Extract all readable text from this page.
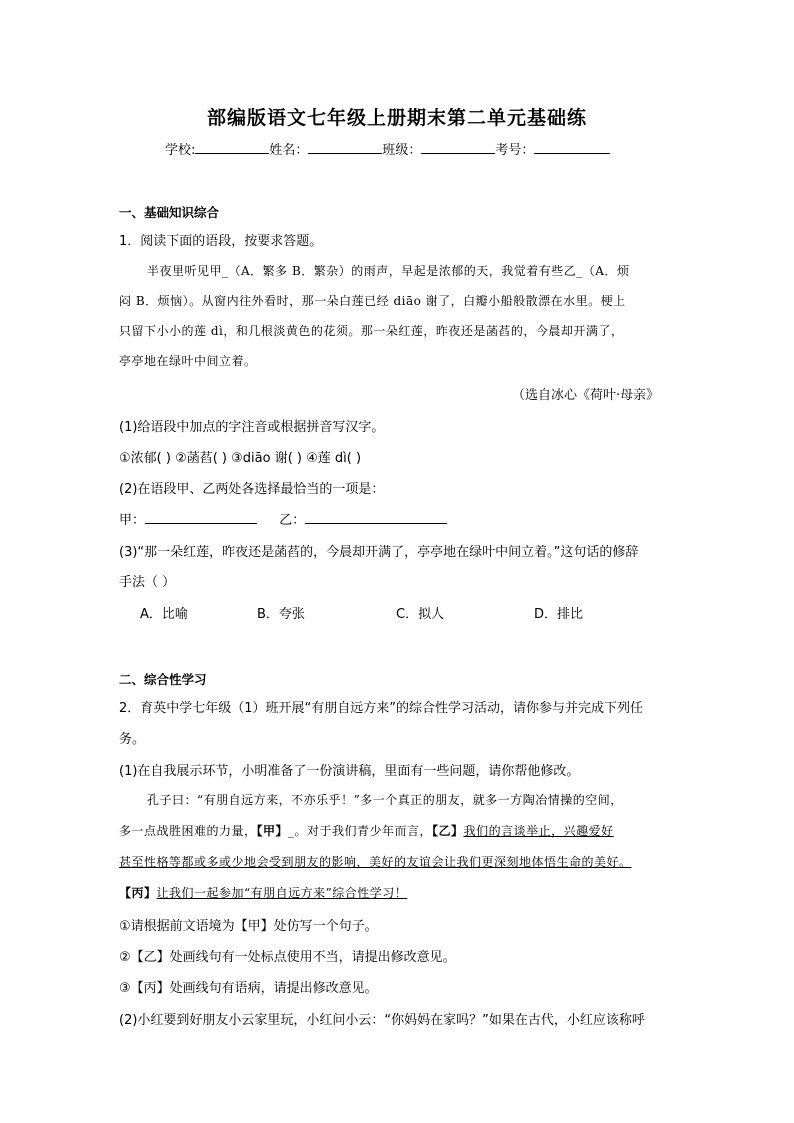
部编版语文七年级上册期末第二单元基础练
学校:	姓名：	班级：	考号：
一、基础知识综合
1．阅读下面的语段，按要求答题。
半夜里听见甲_（A．繁多 B．繁杂）的雨声，早起是浓郁的天，我觉着有些乙_（A．烦
闷 B．烦恼）。从窗内往外看时，那一朵白莲已经 diāo 谢了，白瓣小船般散漂在水里。梗上
只留下小小的莲 dì，和几根淡黄色的花须。那一朵红莲，昨夜还是菡萏的，今晨却开满了，
亭亭地在绿叶中间立着。
（选自冰心《荷叶·母亲》
(1)给语段中加点的字注音或根据拼音写汉字。
①浓郁( ) ②菡萏( ) ③diāo 谢( ) ④莲 dì( )
(2)在语段甲、乙两处各选择最恰当的一项是：
甲：	乙：
(3)“那一朵红莲，昨夜还是菡萏的，今晨却开满了，亭亭地在绿叶中间立着。”这句话的修辞
手法（ ）
A．比喻	B．夸张	C．拟人	D．排比
二、综合性学习
2．育英中学七年级（1）班开展“有朋自远方来”的综合性学习活动，请你参与并完成下列任
务。
(1)在自我展示环节，小明准备了一份演讲稿，里面有一些问题，请你帮他修改。
孔子曰：“有朋自远方来，不亦乐乎！”多一个真正的朋友，就多一方陶冶情操的空间，
多一点战胜困难的力量，【甲】_。对于我们青少年而言，【乙】我们的言谈举止，兴趣爱好
甚至性格等都或多或少地会受到朋友的影响，美好的友谊会让我们更深刻地体悟生命的美好。
【丙】让我们一起参加“有朋自远方来”综合性学习！
①请根据前文语境为【甲】处仿写一个句子。
②【乙】处画线句有一处标点使用不当，请提出修改意见。
③【丙】处画线句有语病，请提出修改意见。
(2)小红要到好朋友小云家里玩，小红问小云：“你妈妈在家吗？”如果在古代，小红应该称呼
